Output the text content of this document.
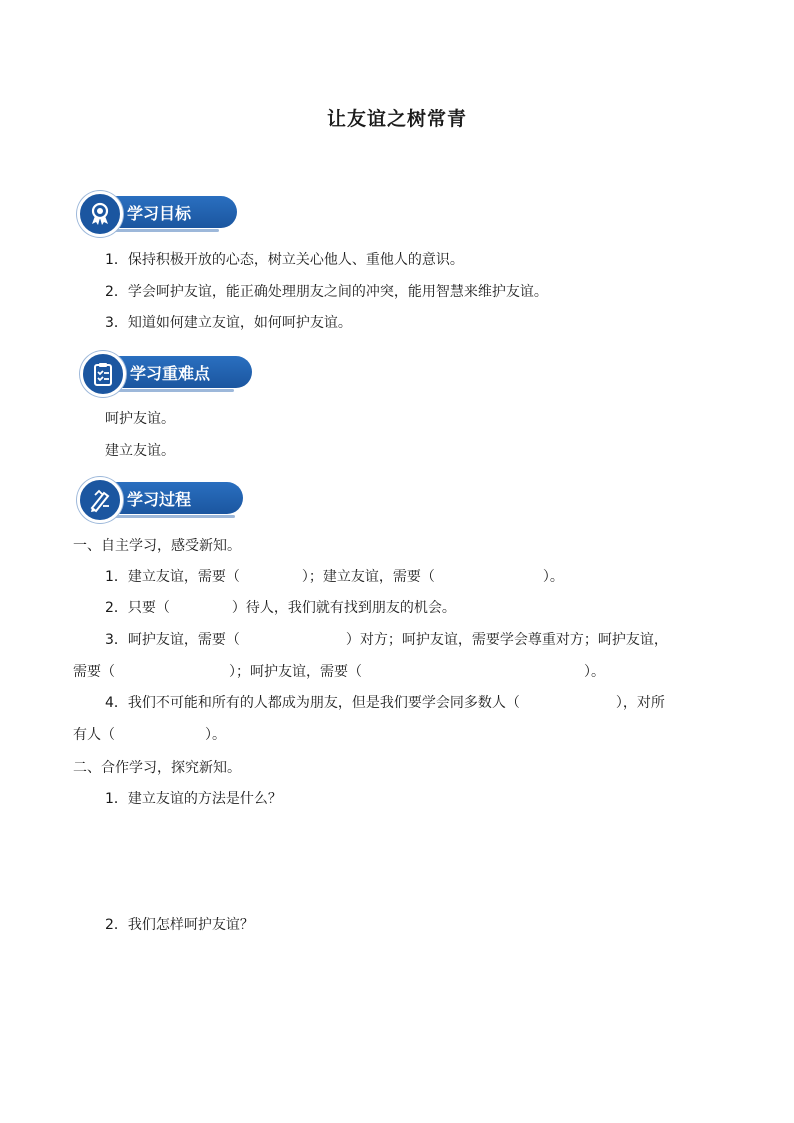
让友谊之树常青
学习目标
1．保持积极开放的心态，树立关心他人、重他人的意识。
2．学会呵护友谊，能正确处理朋友之间的冲突，能用智慧来维护友谊。
3．知道如何建立友谊，如何呵护友谊。
学习重难点
呵护友谊。
建立友谊。
学习过程
一、自主学习，感受新知。
1．建立友谊，需要（	）；建立友谊，需要（	）。
2．只要（	）待人，我们就有找到朋友的机会。
3．呵护友谊，需要（	）对方；呵护友谊，需要学会尊重对方；呵护友谊，
需要（	）；呵护友谊，需要（	）。
4．我们不可能和所有的人都成为朋友，但是我们要学会同多数人（	），对所
有人（	）。
二、合作学习，探究新知。
1．建立友谊的方法是什么？
2．我们怎样呵护友谊？
